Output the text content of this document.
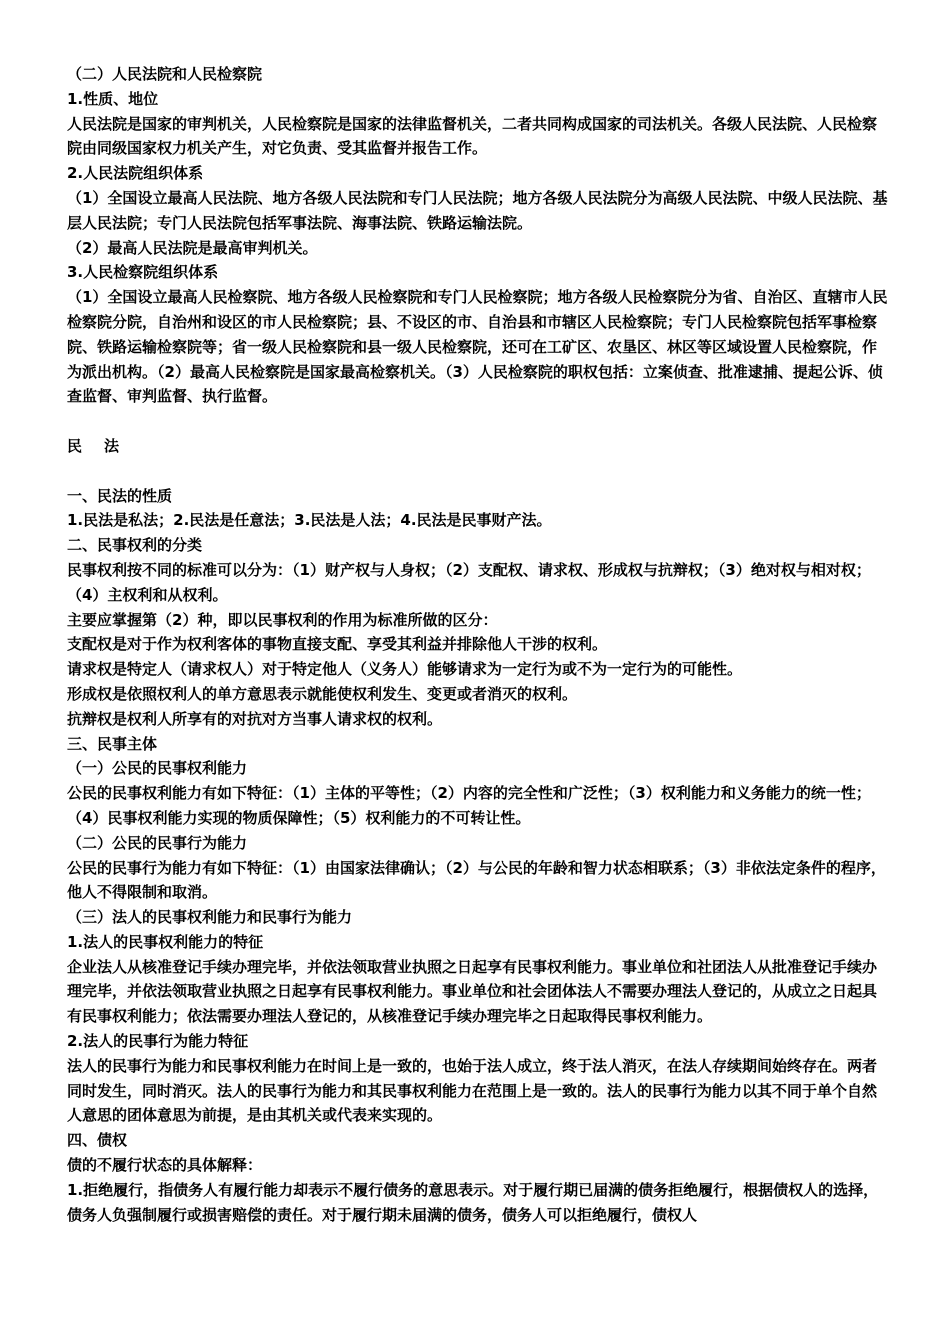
（二）人民法院和人民检察院

1.性质、地位

人民法院是国家的审判机关，人民检察院是国家的法律监督机关，二者共同构成国家的司法机关。各级人民法院、人民检察院由同级国家权力机关产生，对它负责、受其监督并报告工作。

2.人民法院组织体系

（1）全国设立最高人民法院、地方各级人民法院和专门人民法院；地方各级人民法院分为高级人民法院、中级人民法院、基层人民法院；专门人民法院包括军事法院、海事法院、铁路运输法院。

（2）最高人民法院是最高审判机关。

3.人民检察院组织体系

（1）全国设立最高人民检察院、地方各级人民检察院和专门人民检察院；地方各级人民检察院分为省、自治区、直辖市人民检察院分院，自治州和设区的市人民检察院；县、不设区的市、自治县和市辖区人民检察院；专门人民检察院包括军事检察院、铁路运输检察院等；省一级人民检察院和县一级人民检察院，还可在工矿区、农垦区、林区等区域设置人民检察院，作为派出机构。（2）最高人民检察院是国家最高检察机关。（3）人民检察院的职权包括：立案侦查、批准逮捕、提起公诉、侦查监督、审判监督、执行监督。

民 法

一、民法的性质

1.民法是私法；2.民法是任意法；3.民法是人法；4.民法是民事财产法。

二、民事权利的分类

民事权利按不同的标准可以分为：（1）财产权与人身权；（2）支配权、请求权、形成权与抗辩权；（3）绝对权与相对权；（4）主权利和从权利。

主要应掌握第（2）种，即以民事权利的作用为标准所做的区分：

支配权是对于作为权利客体的事物直接支配、享受其利益并排除他人干涉的权利。

请求权是特定人（请求权人）对于特定他人（义务人）能够请求为一定行为或不为一定行为的可能性。

形成权是依照权利人的单方意思表示就能使权利发生、变更或者消灭的权利。

抗辩权是权利人所享有的对抗对方当事人请求权的权利。

三、民事主体

（一）公民的民事权利能力

公民的民事权利能力有如下特征：（1）主体的平等性；（2）内容的完全性和广泛性；（3）权利能力和义务能力的统一性；（4）民事权利能力实现的物质保障性；（5）权利能力的不可转让性。

（二）公民的民事行为能力

公民的民事行为能力有如下特征：（1）由国家法律确认；（2）与公民的年龄和智力状态相联系；（3）非依法定条件的程序，他人不得限制和取消。

（三）法人的民事权利能力和民事行为能力

1.法人的民事权利能力的特征

企业法人从核准登记手续办理完毕，并依法领取营业执照之日起享有民事权利能力。事业单位和社团法人从批准登记手续办理完毕，并依法领取营业执照之日起享有民事权利能力。事业单位和社会团体法人不需要办理法人登记的，从成立之日起具有民事权利能力；依法需要办理法人登记的，从核准登记手续办理完毕之日起取得民事权利能力。

2.法人的民事行为能力特征

法人的民事行为能力和民事权利能力在时间上是一致的，也始于法人成立，终于法人消灭，在法人存续期间始终存在。两者同时发生，同时消灭。法人的民事行为能力和其民事权利能力在范围上是一致的。法人的民事行为能力以其不同于单个自然人意思的团体意思为前提，是由其机关或代表来实现的。

四、债权

债的不履行状态的具体解释：

1.拒绝履行，指债务人有履行能力却表示不履行债务的意思表示。对于履行期已届满的债务拒绝履行，根据债权人的选择，债务人负强制履行或损害赔偿的责任。对于履行期未届满的债务，债务人可以拒绝履行，债权人
